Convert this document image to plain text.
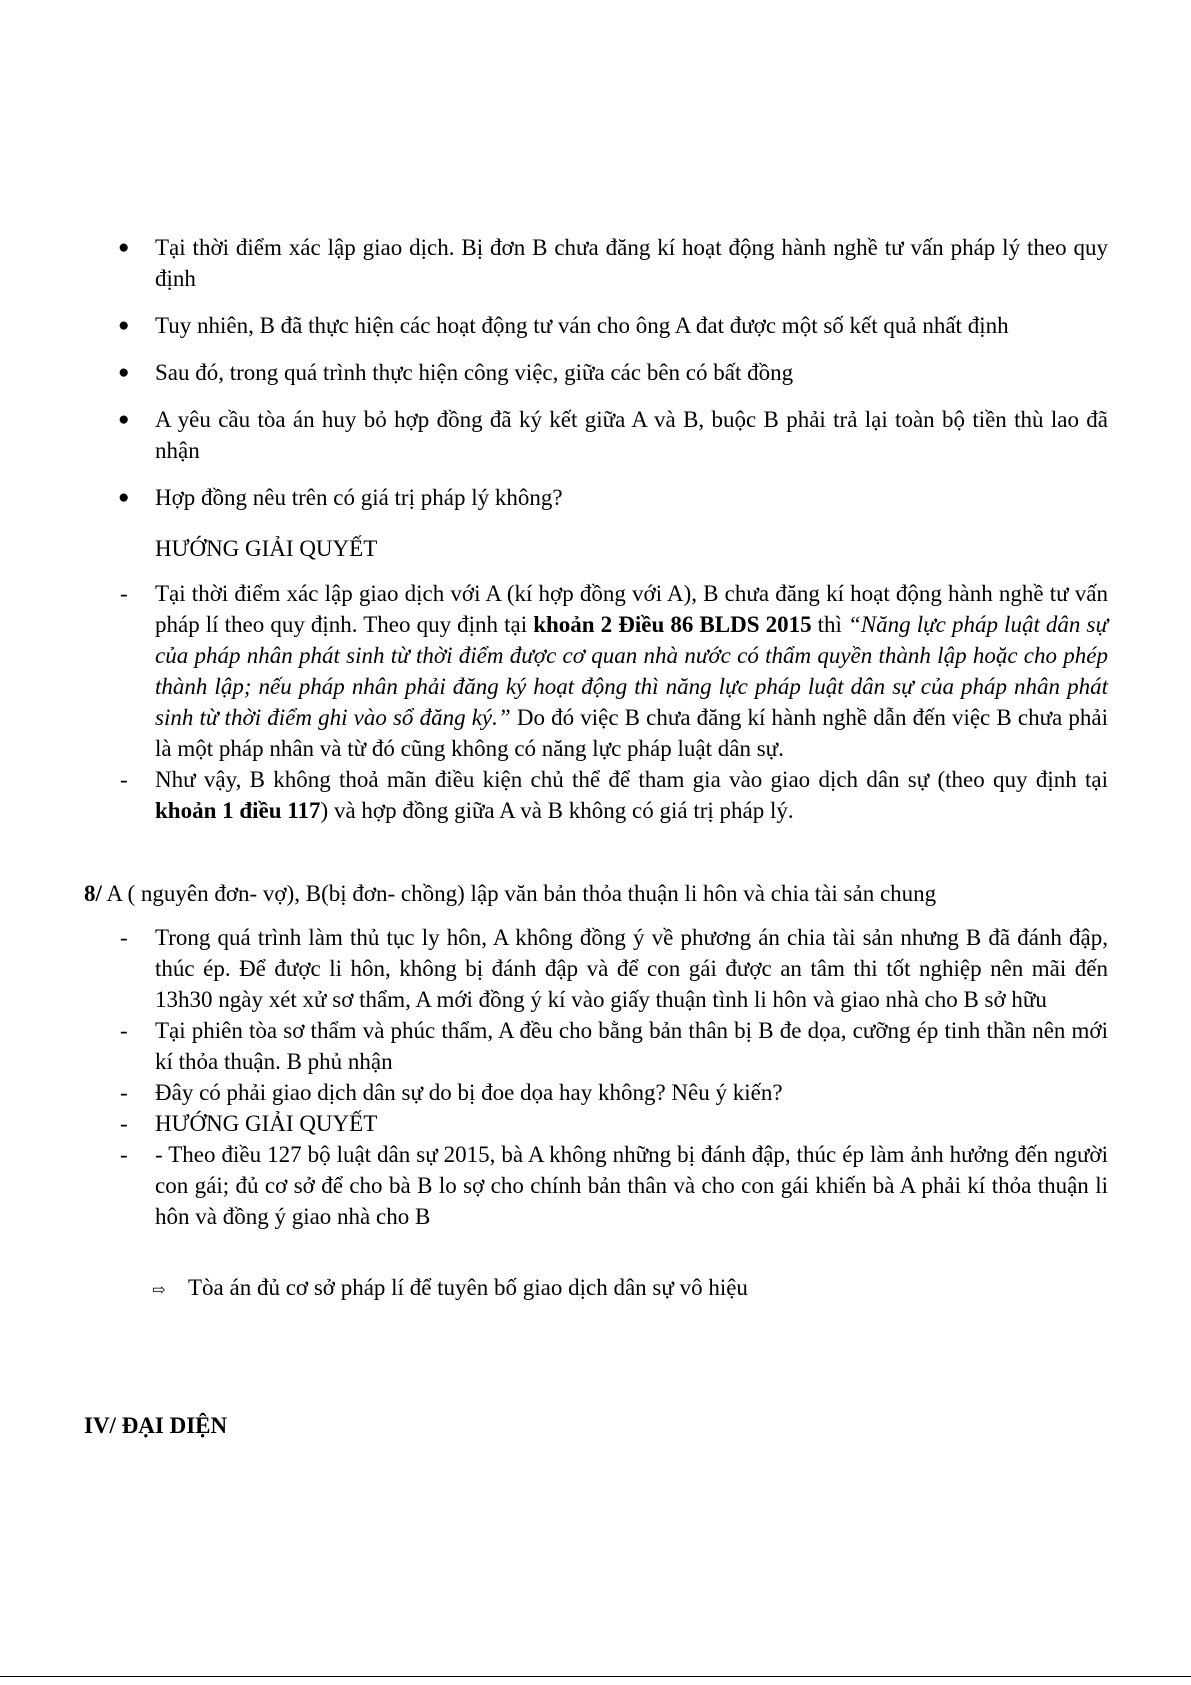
● Tại thời điểm xác lập giao dịch. Bị đơn B chưa đăng kí hoạt động hành nghề tư vấn pháp lý theo quy định
● Tuy nhiên, B đã thực hiện các hoạt động tư ván cho ông A đat được một số kết quả nhất định
● Sau đó, trong quá trình thực hiện công việc, giữa các bên có bất đồng
● A yêu cầu tòa án huy bỏ hợp đồng đã ký kết giữa A và B, buộc B phải trả lại toàn bộ tiền thù lao đã nhận
● Hợp đồng nêu trên có giá trị pháp lý không?
HƯỚNG GIẢI QUYẾT
- Tại thời điểm xác lập giao dịch với A (kí hợp đồng với A), B chưa đăng kí hoạt động hành nghề tư vấn pháp lí theo quy định. Theo quy định tại khoản 2 Điều 86 BLDS 2015 thì “Năng lực pháp luật dân sự của pháp nhân phát sinh từ thời điểm được cơ quan nhà nước có thẩm quyền thành lập hoặc cho phép thành lập; nếu pháp nhân phải đăng ký hoạt động thì năng lực pháp luật dân sự của pháp nhân phát sinh từ thời điểm ghi vào sổ đăng ký.” Do đó việc B chưa đăng kí hành nghề dẫn đến việc B chưa phải là một pháp nhân và từ đó cũng không có năng lực pháp luật dân sự.
- Như vậy, B không thoả mãn điều kiện chủ thể để tham gia vào giao dịch dân sự (theo quy định tại khoản 1 điều 117) và hợp đồng giữa A và B không có giá trị pháp lý.
8/ A ( nguyên đơn- vợ), B(bị đơn- chồng) lập văn bản thỏa thuận li hôn và chia tài sản chung
- Trong quá trình làm thủ tục ly hôn, A không đồng ý về phương án chia tài sản nhưng B đã đánh đập, thúc ép. Để được li hôn, không bị đánh đập và để con gái được an tâm thi tốt nghiệp nên mãi đến 13h30 ngày xét xử sơ thẩm, A mới đồng ý kí vào giấy thuận tình li hôn và giao nhà cho B sở hữu
- Tại phiên tòa sơ thẩm và phúc thẩm, A đều cho bằng bản thân bị B đe dọa, cưỡng ép tinh thần nên mới kí thỏa thuận. B phủ nhận
- Đây có phải giao dịch dân sự do bị đoe dọa hay không? Nêu ý kiến?
- HƯỚNG GIẢI QUYẾT
- - Theo điều 127 bộ luật dân sự 2015, bà A không những bị đánh đập, thúc ép làm ảnh hưởng đến người con gái; đủ cơ sở để cho bà B lo sợ cho chính bản thân và cho con gái khiến bà A phải kí thỏa thuận li hôn và đồng ý giao nhà cho B
⇨ Tòa án đủ cơ sở pháp lí để tuyên bố giao dịch dân sự vô hiệu
IV/ ĐẠI DIỆN
